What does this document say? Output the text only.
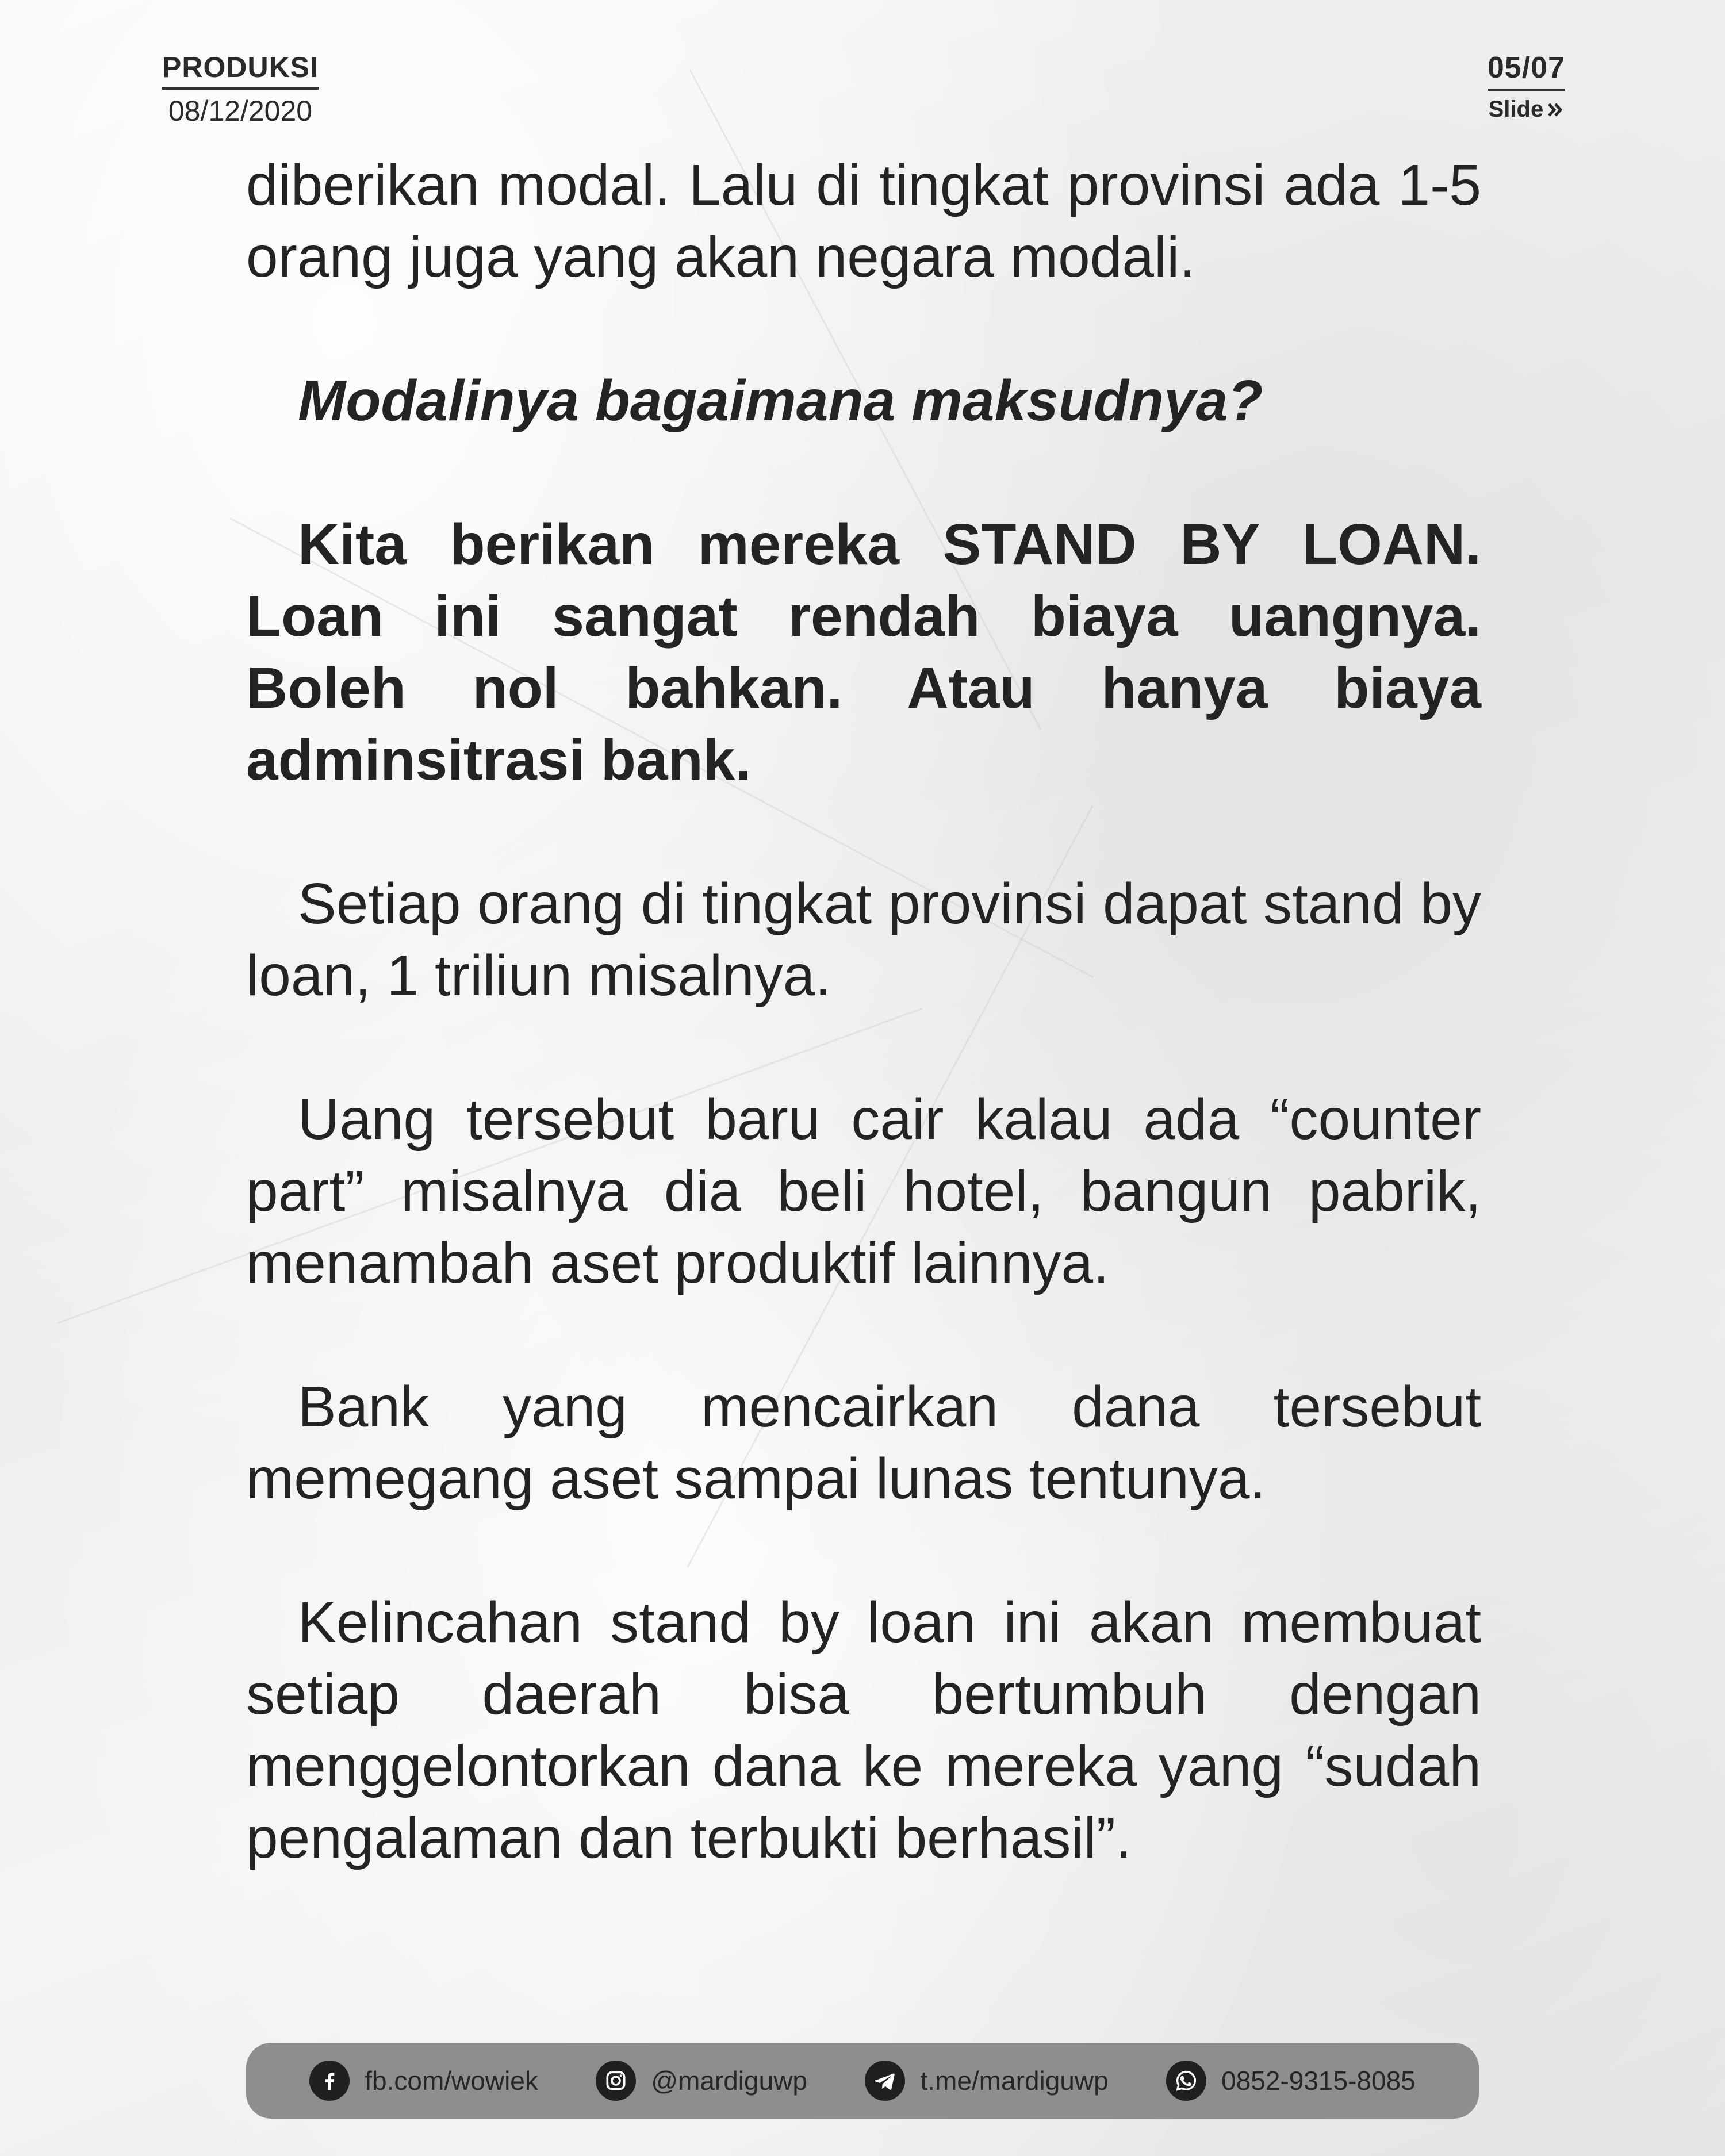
PRODUKSI
08/12/2020
05/07
Slide

diberikan modal. Lalu di tingkat provinsi ada 1-5 orang juga yang akan negara modali.

Modalinya bagaimana maksudnya?

Kita berikan mereka STAND BY LOAN. Loan ini sangat rendah biaya uangnya. Boleh nol bahkan. Atau hanya biaya adminsitrasi bank.

Setiap orang di tingkat provinsi dapat stand by loan, 1 triliun misalnya.

Uang tersebut baru cair kalau ada “counter part” misalnya dia beli hotel, bangun pabrik, menambah aset produktif lainnya.

Bank yang mencairkan dana tersebut memegang aset sampai lunas tentunya.

Kelincahan stand by loan ini akan membuat setiap daerah bisa bertumbuh dengan menggelontorkan dana ke mereka yang “sudah pengalaman dan terbukti berhasil”.

fb.com/wowiek	@mardiguwp	t.me/mardiguwp	0852-9315-8085
